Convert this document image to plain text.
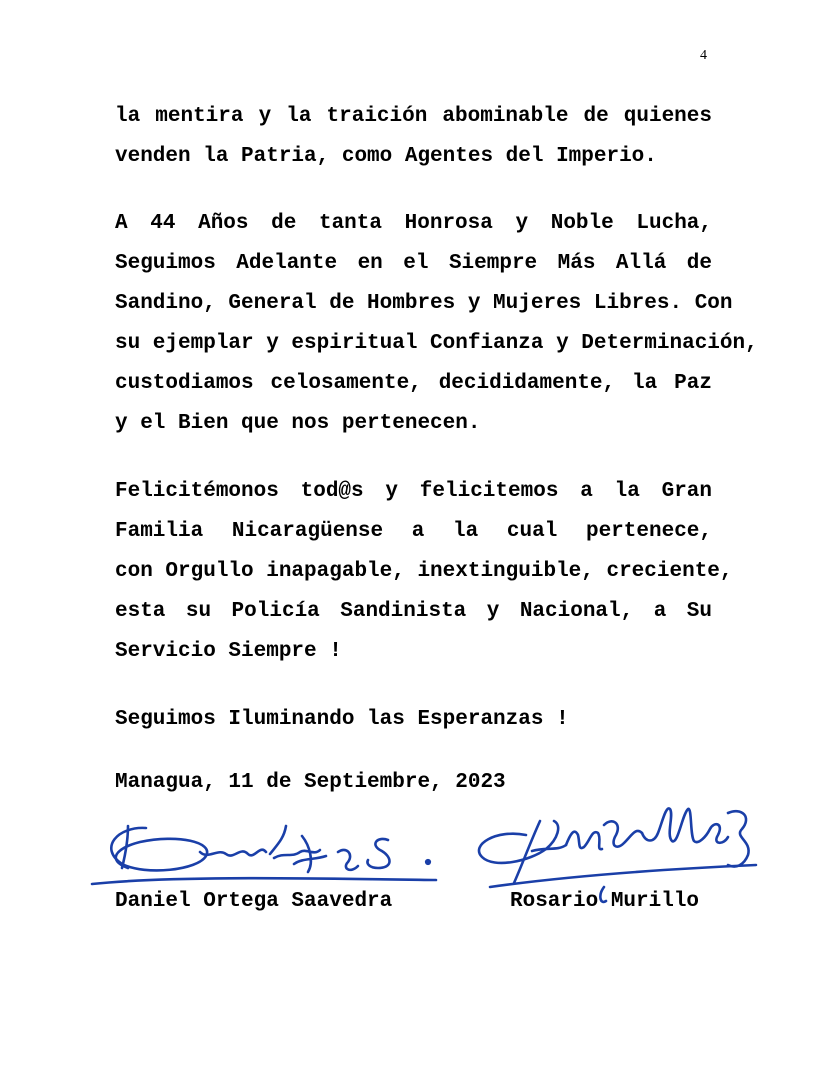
4
la mentira y la traición abominable de quienes
venden la Patria, como Agentes del Imperio.
A 44 Años de tanta Honrosa y Noble Lucha,
Seguimos Adelante en el Siempre Más Allá de
Sandino, General de Hombres y Mujeres Libres. Con
su ejemplar y espiritual Confianza y Determinación,
custodiamos celosamente, decididamente, la Paz
y el Bien que nos pertenecen.
Felicitémonos tod@s y felicitemos a la Gran
Familia Nicaragüense a la cual pertenece,
con Orgullo inapagable, inextinguible, creciente,
esta su Policía Sandinista y Nacional, a Su
Servicio Siempre !
Seguimos Iluminando las Esperanzas !
Managua, 11 de Septiembre, 2023
Daniel Ortega Saavedra	Rosario Murillo
